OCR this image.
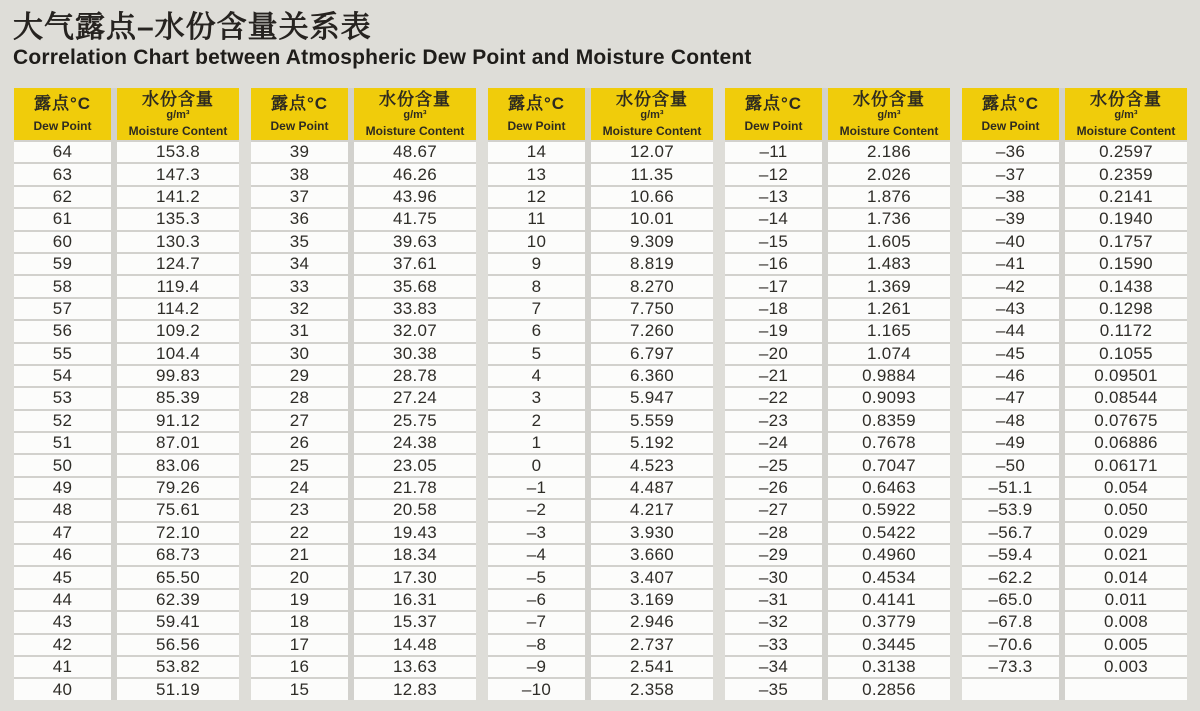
大气露点–水份含量关系表
Correlation Chart between Atmospheric Dew Point and Moisture Content
露点°C
Dew Point
水份含量
g/m³
Moisture Content
64	153.8
63	147.3
62	141.2
61	135.3
60	130.3
59	124.7
58	119.4
57	114.2
56	109.2
55	104.4
54	99.83
53	85.39
52	91.12
51	87.01
50	83.06
49	79.26
48	75.61
47	72.10
46	68.73
45	65.50
44	62.39
43	59.41
42	56.56
41	53.82
40	51.19
露点°C
Dew Point
水份含量
g/m³
Moisture Content
39	48.67
38	46.26
37	43.96
36	41.75
35	39.63
34	37.61
33	35.68
32	33.83
31	32.07
30	30.38
29	28.78
28	27.24
27	25.75
26	24.38
25	23.05
24	21.78
23	20.58
22	19.43
21	18.34
20	17.30
19	16.31
18	15.37
17	14.48
16	13.63
15	12.83
露点°C
Dew Point
水份含量
g/m³
Moisture Content
14	12.07
13	11.35
12	10.66
11	10.01
10	9.309
9	8.819
8	8.270
7	7.750
6	7.260
5	6.797
4	6.360
3	5.947
2	5.559
1	5.192
0	4.523
–1	4.487
–2	4.217
–3	3.930
–4	3.660
–5	3.407
–6	3.169
–7	2.946
–8	2.737
–9	2.541
–10	2.358
露点°C
Dew Point
水份含量
g/m³
Moisture Content
–11	2.186
–12	2.026
–13	1.876
–14	1.736
–15	1.605
–16	1.483
–17	1.369
–18	1.261
–19	1.165
–20	1.074
–21	0.9884
–22	0.9093
–23	0.8359
–24	0.7678
–25	0.7047
–26	0.6463
–27	0.5922
–28	0.5422
–29	0.4960
–30	0.4534
–31	0.4141
–32	0.3779
–33	0.3445
–34	0.3138
–35	0.2856
露点°C
Dew Point
水份含量
g/m³
Moisture Content
–36	0.2597
–37	0.2359
–38	0.2141
–39	0.1940
–40	0.1757
–41	0.1590
–42	0.1438
–43	0.1298
–44	0.1172
–45	0.1055
–46	0.09501
–47	0.08544
–48	0.07675
–49	0.06886
–50	0.06171
–51.1	0.054
–53.9	0.050
–56.7	0.029
–59.4	0.021
–62.2	0.014
–65.0	0.011
–67.8	0.008
–70.6	0.005
–73.3	0.003
